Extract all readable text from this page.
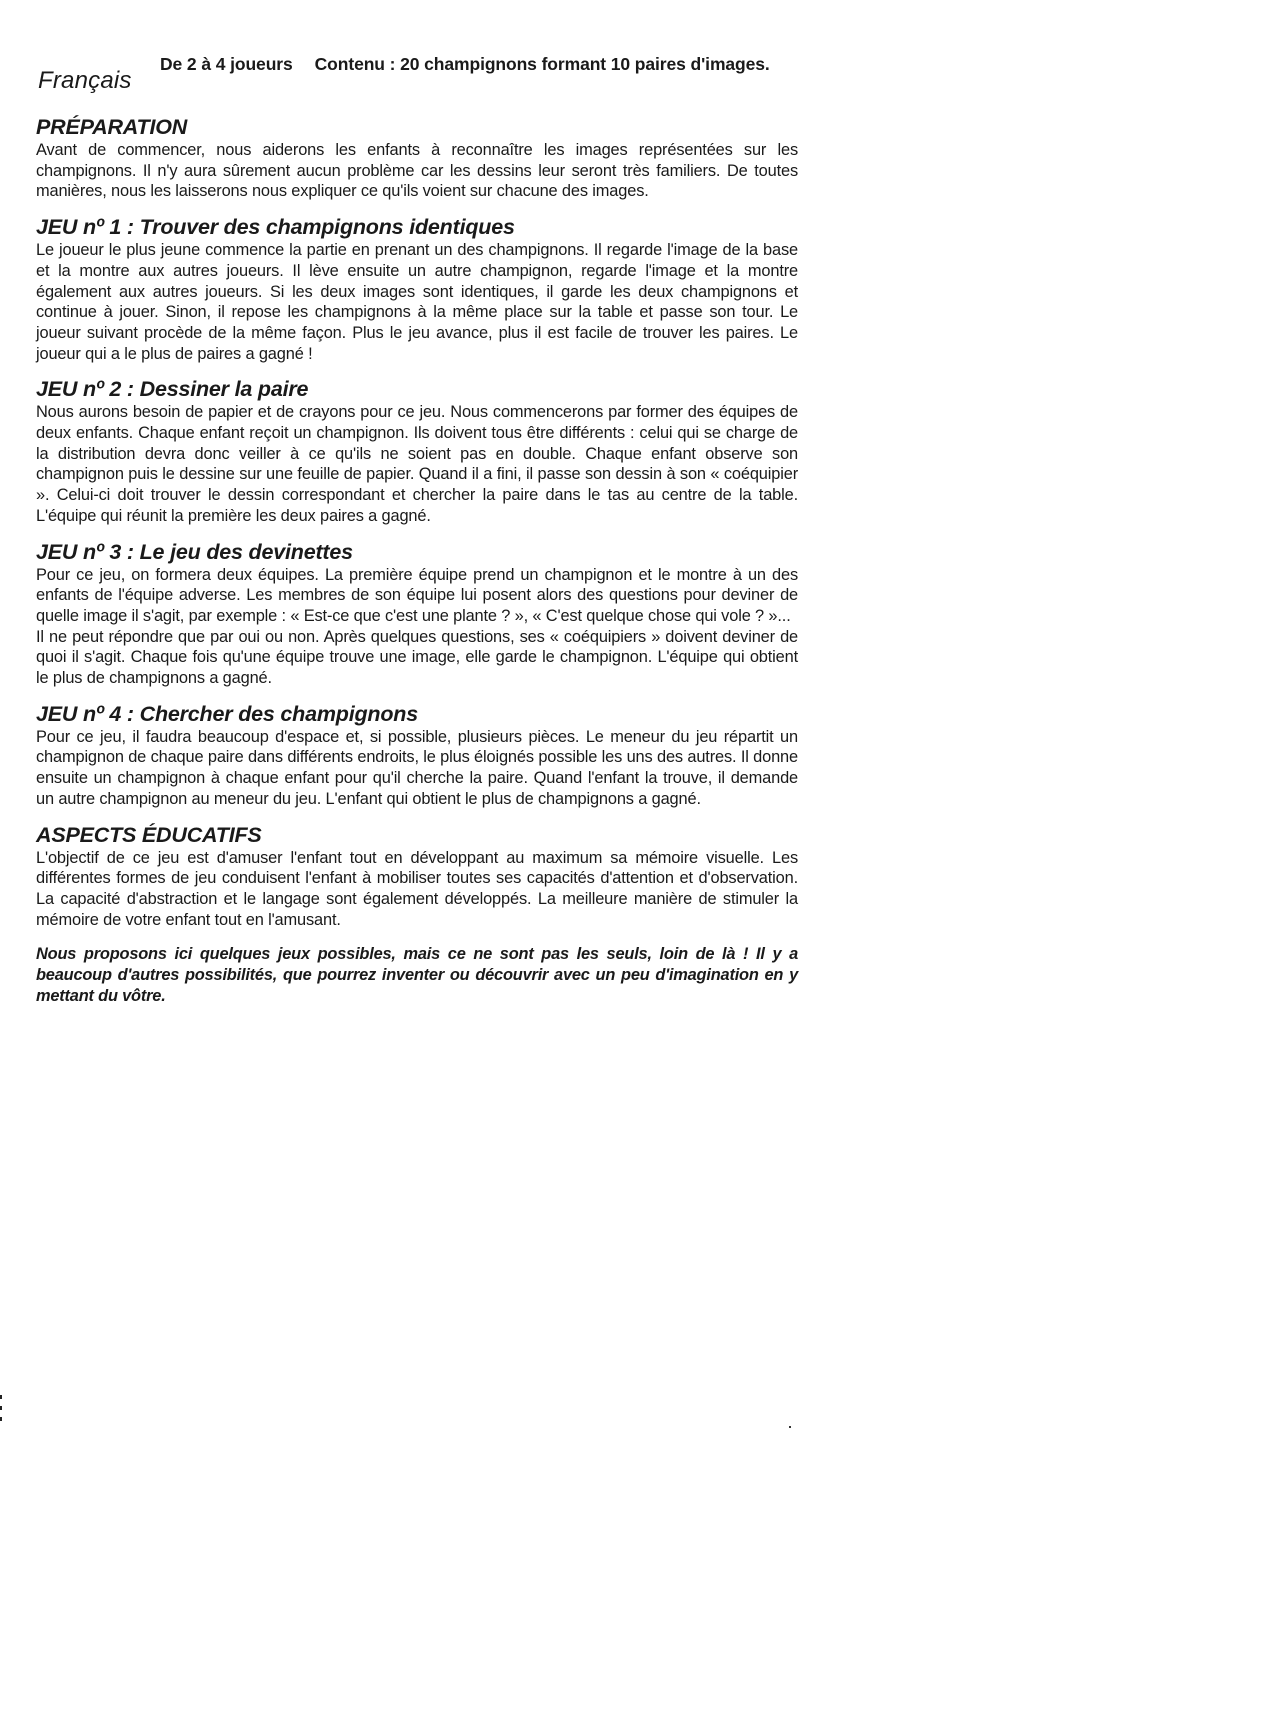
Français
De 2 à 4 joueurs Contenu : 20 champignons formant 10 paires d'images.
PRÉPARATION

Avant de commencer, nous aiderons les enfants à reconnaître les images représentées sur les champignons. Il n'y aura sûrement aucun problème car les dessins leur seront très familiers. De toutes manières, nous les laisserons nous expliquer ce qu'ils voient sur chacune des images.

JEU nº 1 : Trouver des champignons identiques

Le joueur le plus jeune commence la partie en prenant un des champignons. Il regarde l'image de la base et la montre aux autres joueurs. Il lève ensuite un autre champignon, regarde l'image et la montre également aux autres joueurs. Si les deux images sont identiques, il garde les deux champignons et continue à jouer. Sinon, il repose les champignons à la même place sur la table et passe son tour. Le joueur suivant procède de la même façon. Plus le jeu avance, plus il est facile de trouver les paires. Le joueur qui a le plus de paires a gagné !

JEU nº 2 : Dessiner la paire

Nous aurons besoin de papier et de crayons pour ce jeu. Nous commencerons par former des équipes de deux enfants. Chaque enfant reçoit un champignon. Ils doivent tous être différents : celui qui se charge de la distribution devra donc veiller à ce qu'ils ne soient pas en double. Chaque enfant observe son champignon puis le dessine sur une feuille de papier. Quand il a fini, il passe son dessin à son « coéquipier ». Celui-ci doit trouver le dessin correspondant et chercher la paire dans le tas au centre de la table. L'équipe qui réunit la première les deux paires a gagné.

JEU nº 3 : Le jeu des devinettes

Pour ce jeu, on formera deux équipes. La première équipe prend un champignon et le montre à un des enfants de l'équipe adverse. Les membres de son équipe lui posent alors des questions pour deviner de quelle image il s'agit, par exemple : « Est-ce que c'est une plante ? », « C'est quelque chose qui vole ? »...

Il ne peut répondre que par oui ou non. Après quelques questions, ses « coéquipiers » doivent deviner de quoi il s'agit. Chaque fois qu'une équipe trouve une image, elle garde le champignon. L'équipe qui obtient le plus de champignons a gagné.

JEU nº 4 : Chercher des champignons

Pour ce jeu, il faudra beaucoup d'espace et, si possible, plusieurs pièces. Le meneur du jeu répartit un champignon de chaque paire dans différents endroits, le plus éloignés possible les uns des autres. Il donne ensuite un champignon à chaque enfant pour qu'il cherche la paire. Quand l'enfant la trouve, il demande un autre champignon au meneur du jeu. L'enfant qui obtient le plus de champignons a gagné.

ASPECTS ÉDUCATIFS

L'objectif de ce jeu est d'amuser l'enfant tout en développant au maximum sa mémoire visuelle. Les différentes formes de jeu conduisent l'enfant à mobiliser toutes ses capacités d'attention et d'observation. La capacité d'abstraction et le langage sont également développés. La meilleure manière de stimuler la mémoire de votre enfant tout en l'amusant.

Nous proposons ici quelques jeux possibles, mais ce ne sont pas les seuls, loin de là ! Il y a beaucoup d'autres possibilités, que pourrez inventer ou découvrir avec un peu d'imagination en y mettant du vôtre.
